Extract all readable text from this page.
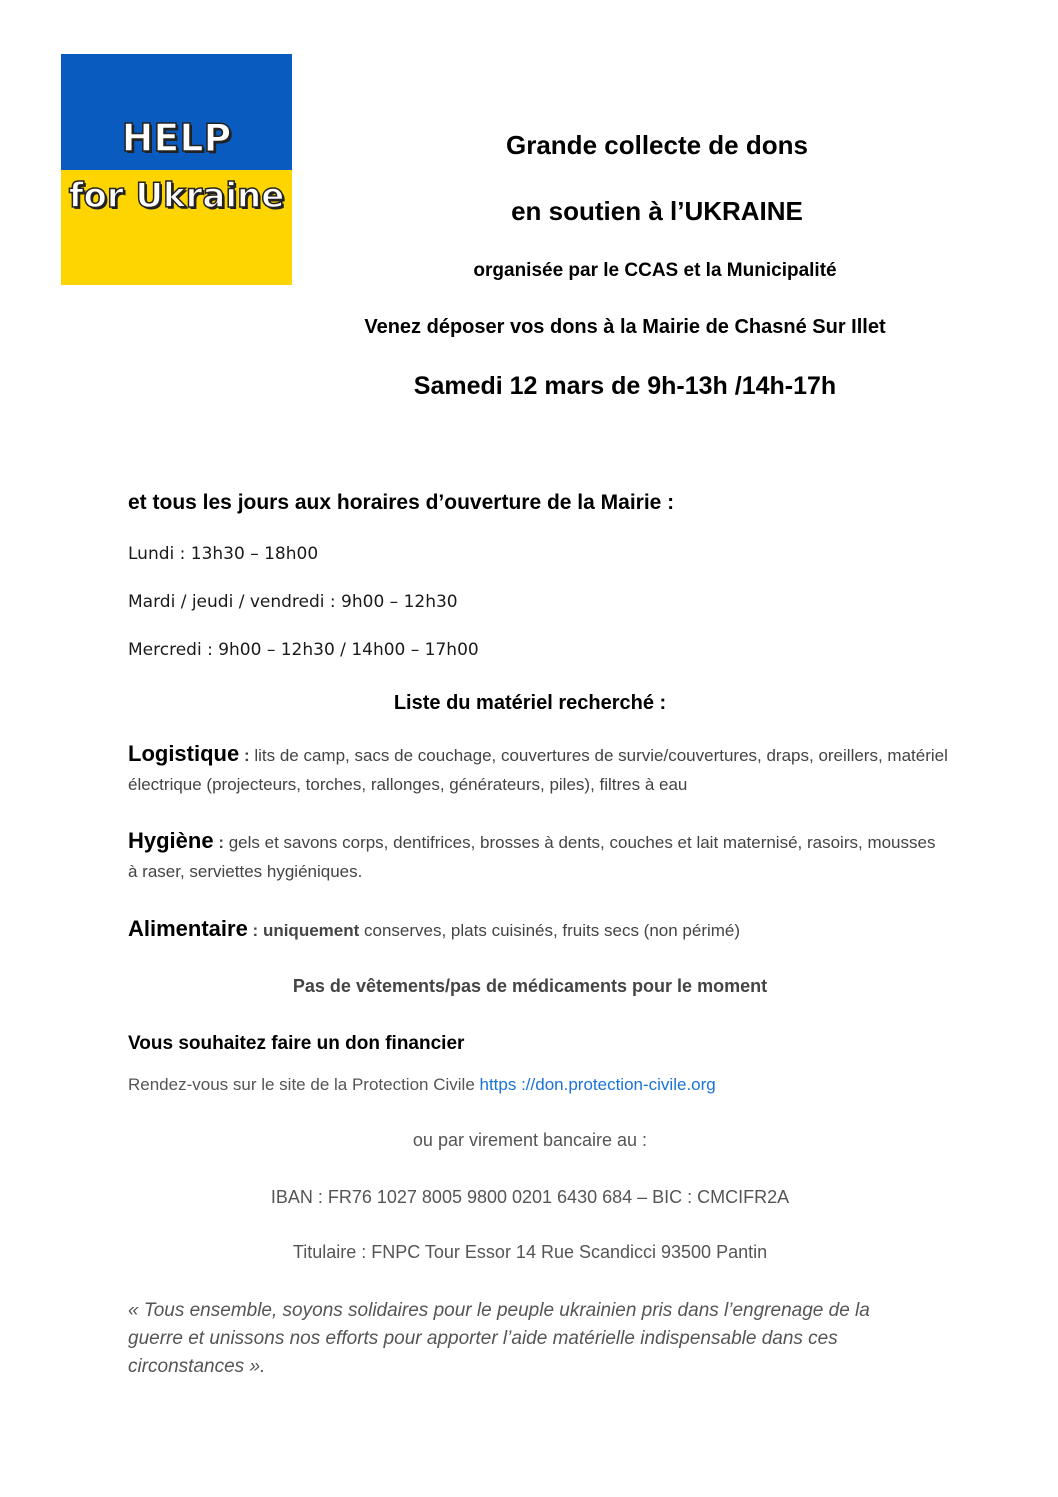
HELP
for Ukraine
Grande collecte de dons
en soutien à l’UKRAINE
organisée par le CCAS et la Municipalité
Venez déposer vos dons à la Mairie de Chasné Sur Illet
Samedi 12 mars de 9h-13h /14h-17h
et tous les jours aux horaires d’ouverture de la Mairie :
Lundi : 13h30 – 18h00
Mardi / jeudi / vendredi : 9h00 – 12h30
Mercredi : 9h00 – 12h30 / 14h00 – 17h00
Liste du matériel recherché :
Logistique : lits de camp, sacs de couchage, couvertures de survie/couvertures, draps, oreillers, matériel électrique (projecteurs, torches, rallonges, générateurs, piles), filtres à eau
Hygiène : gels et savons corps, dentifrices, brosses à dents, couches et lait maternisé, rasoirs, mousses à raser, serviettes hygiéniques.
Alimentaire : uniquement conserves, plats cuisinés, fruits secs (non périmé)
Pas de vêtements/pas de médicaments pour le moment
Vous souhaitez faire un don financier
Rendez-vous sur le site de la Protection Civile https ://don.protection-civile.org
ou par virement bancaire au :
IBAN : FR76 1027 8005 9800 0201 6430 684 – BIC : CMCIFR2A
Titulaire : FNPC Tour Essor 14 Rue Scandicci 93500 Pantin
« Tous ensemble, soyons solidaires pour le peuple ukrainien pris dans l’engrenage de la guerre et unissons nos efforts pour apporter l’aide matérielle indispensable dans ces circonstances ».
